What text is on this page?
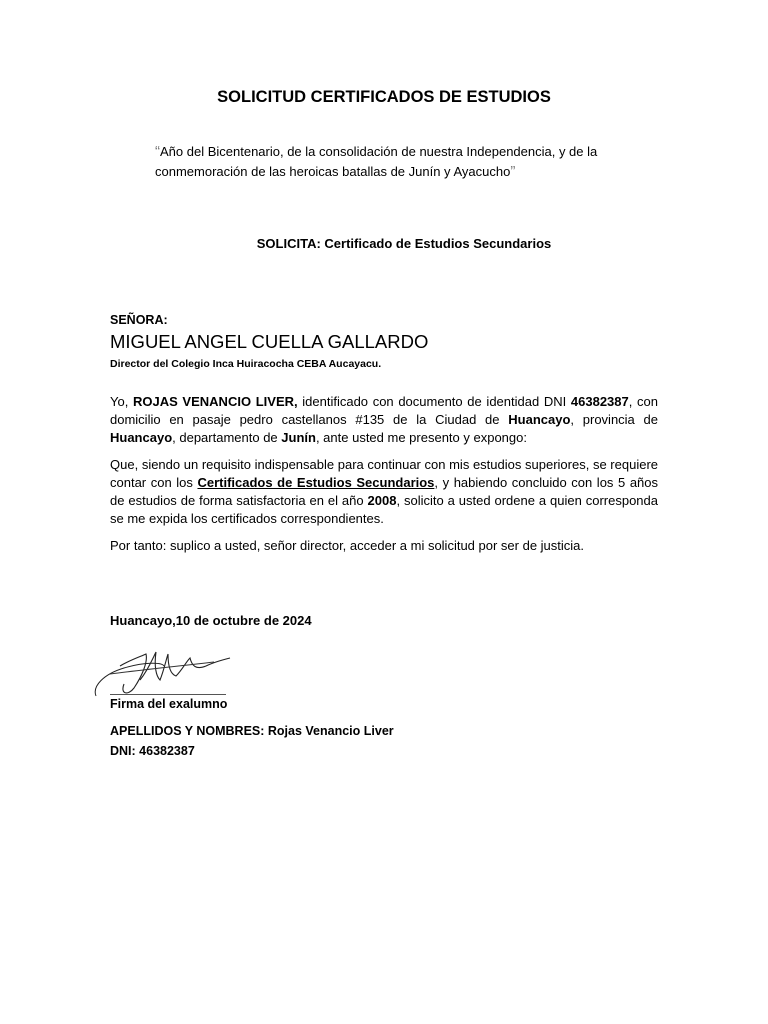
SOLICITUD CERTIFICADOS DE ESTUDIOS
“Año del Bicentenario, de la consolidación de nuestra Independencia, y de la
conmemoración de las heroicas batallas de Junín y Ayacucho”
SOLICITA: Certificado de Estudios Secundarios
SEÑORA:
MIGUEL ANGEL CUELLA GALLARDO
Director del Colegio Inca Huiracocha CEBA Aucayacu.
Yo, ROJAS VENANCIO LIVER, identificado con documento de identidad DNI 46382387, con domicilio en pasaje pedro castellanos #135 de la Ciudad de Huancayo, provincia de Huancayo, departamento de Junín, ante usted me presento y expongo:
Que, siendo un requisito indispensable para continuar con mis estudios superiores, se requiere contar con los Certificados de Estudios Secundarios, y habiendo concluido con los 5 años de estudios de forma satisfactoria en el año 2008, solicito a usted ordene a quien corresponda se me expida los certificados correspondientes.
Por tanto: suplico a usted, señor director, acceder a mi solicitud por ser de justicia.
Huancayo,10 de octubre de 2024
Firma del exalumno
APELLIDOS Y NOMBRES: Rojas Venancio Liver
DNI: 46382387
